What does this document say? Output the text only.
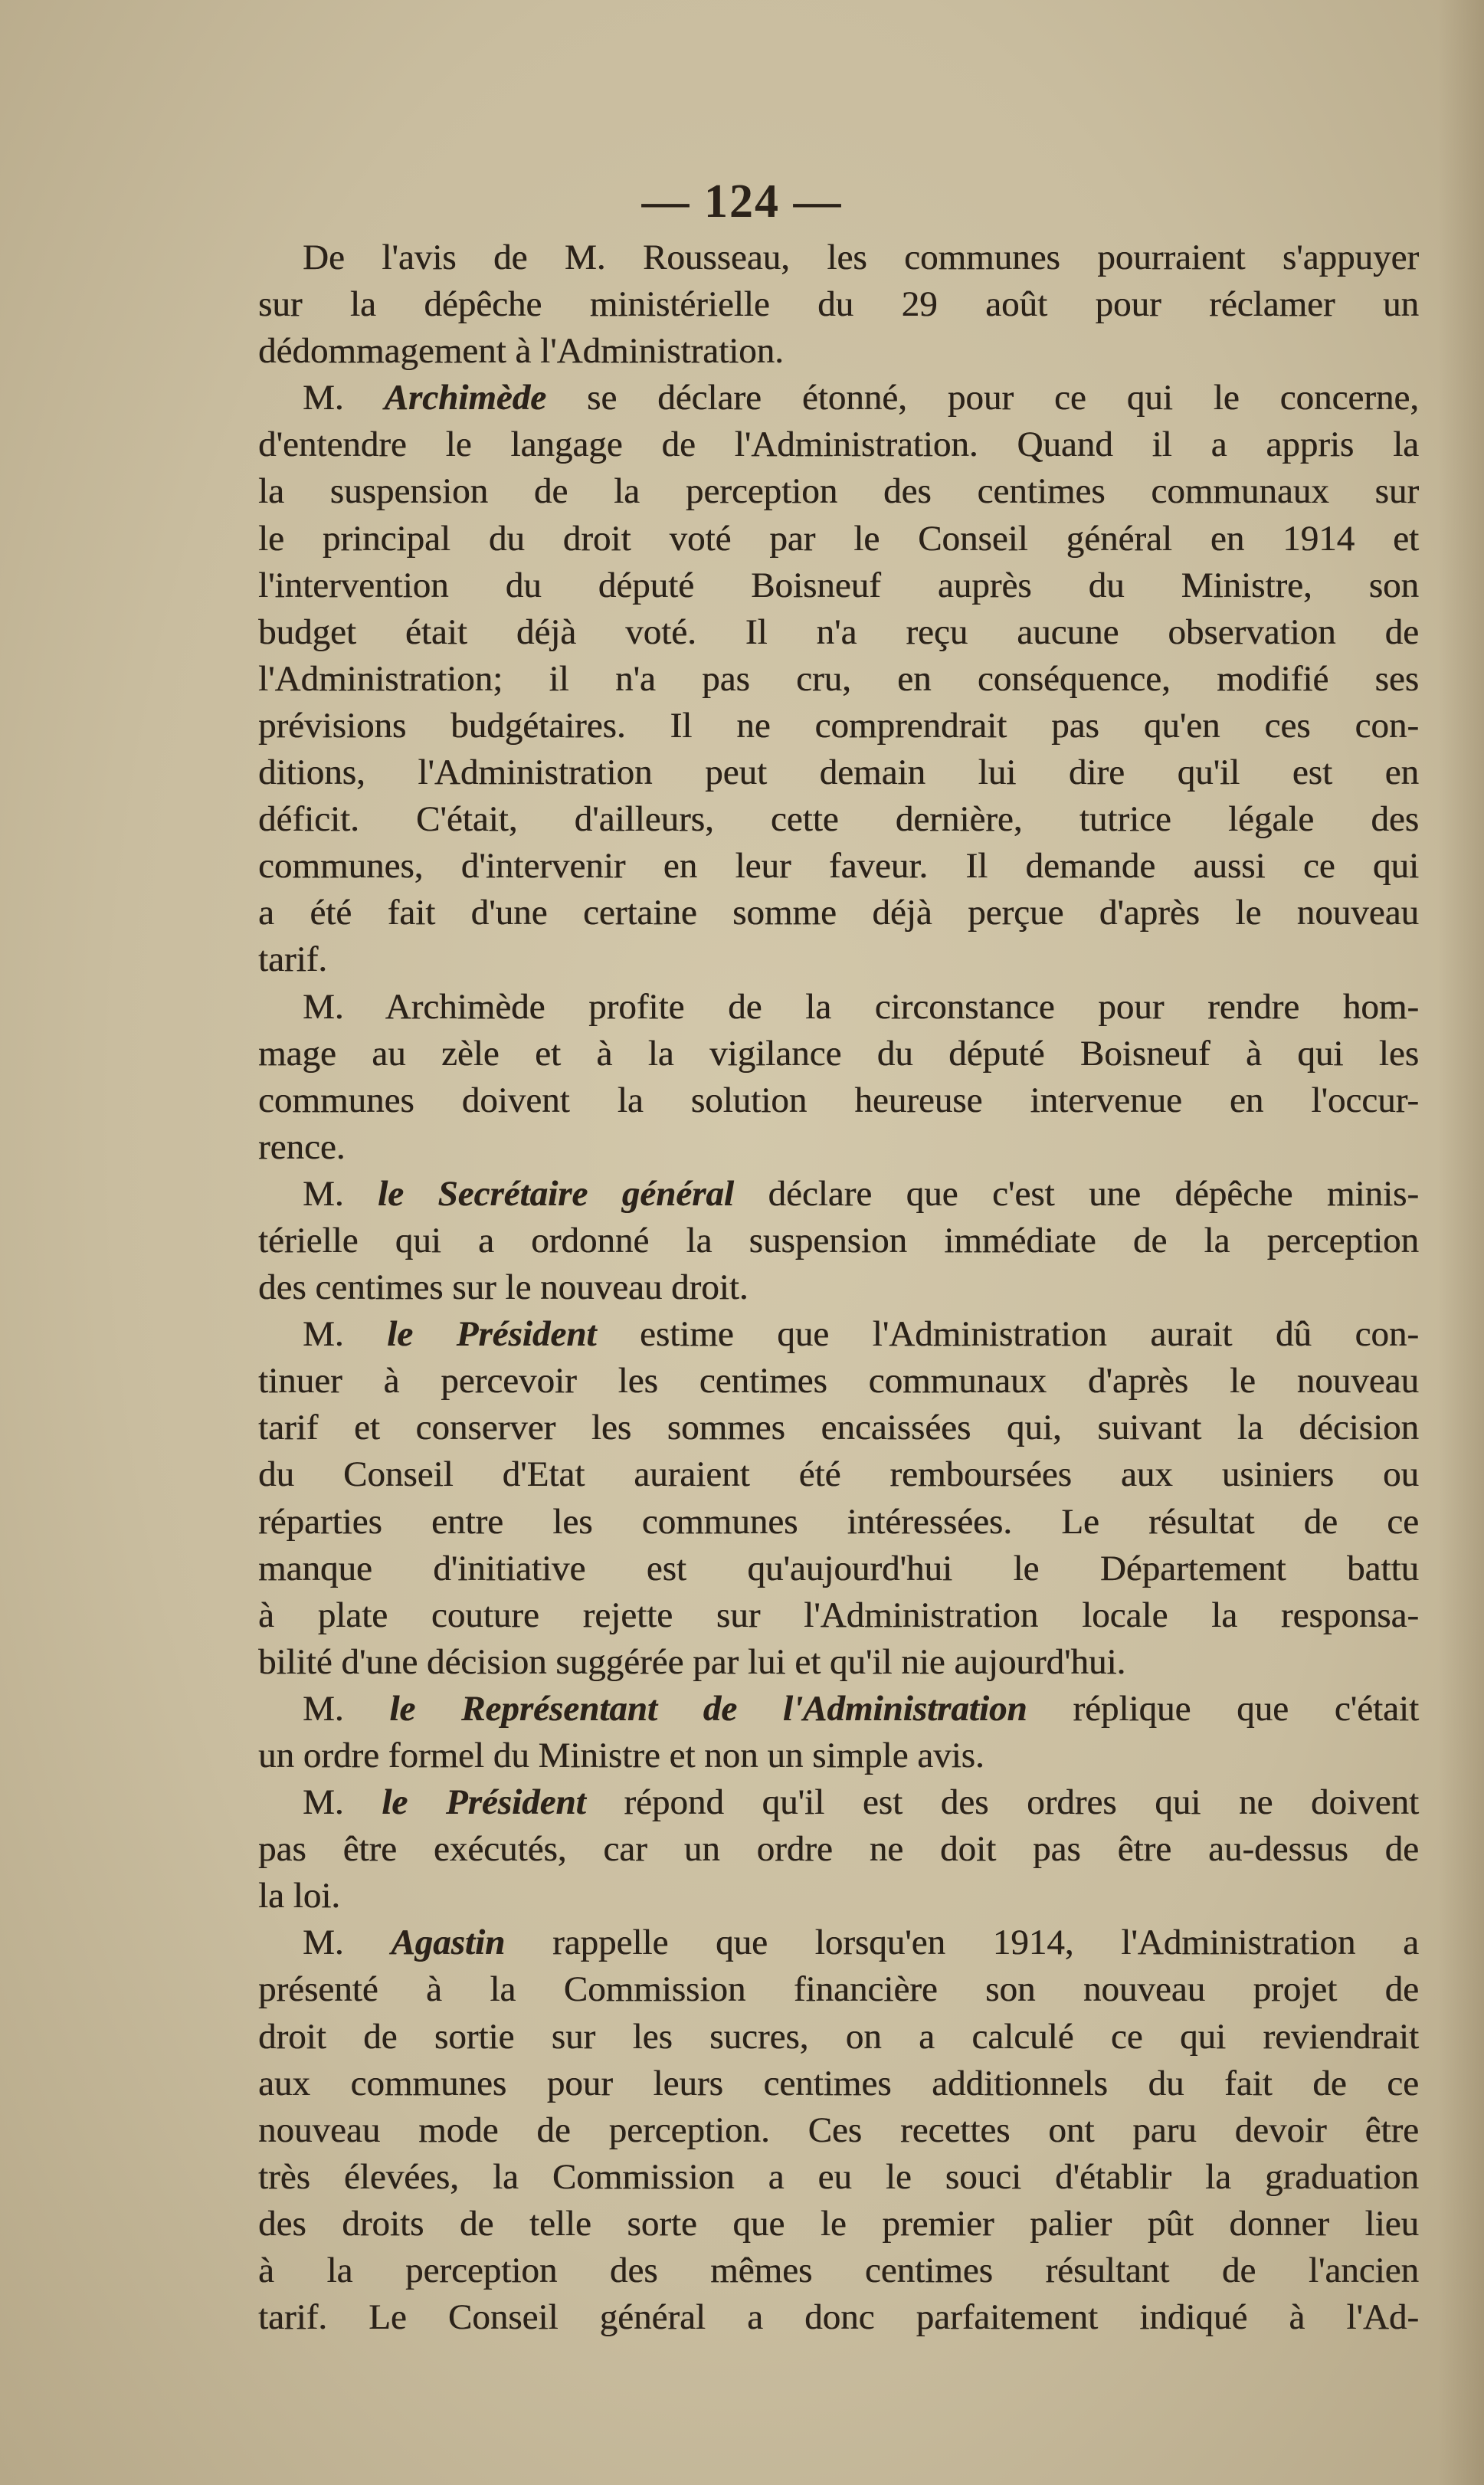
— 124 —
De l'avis de M. Rousseau, les communes pourraient s'appuyer
sur la dépêche ministérielle du 29 août pour réclamer un
dédommagement à l'Administration.
M. Archimède se déclare étonné, pour ce qui le concerne,
d'entendre le langage de l'Administration. Quand il a appris la
la suspension de la perception des centimes communaux sur
le principal du droit voté par le Conseil général en 1914 et
l'intervention du député Boisneuf auprès du Ministre, son
budget était déjà voté. Il n'a reçu aucune observation de
l'Administration; il n'a pas cru, en conséquence, modifié ses
prévisions budgétaires. Il ne comprendrait pas qu'en ces con-
ditions, l'Administration peut demain lui dire qu'il est en
déficit. C'était, d'ailleurs, cette dernière, tutrice légale des
communes, d'intervenir en leur faveur. Il demande aussi ce qui
a été fait d'une certaine somme déjà perçue d'après le nouveau
tarif.
M. Archimède profite de la circonstance pour rendre hom-
mage au zèle et à la vigilance du député Boisneuf à qui les
communes doivent la solution heureuse intervenue en l'occur-
rence.
M. le Secrétaire général déclare que c'est une dépêche minis-
térielle qui a ordonné la suspension immédiate de la perception
des centimes sur le nouveau droit.
M. le Président estime que l'Administration aurait dû con-
tinuer à percevoir les centimes communaux d'après le nouveau
tarif et conserver les sommes encaissées qui, suivant la décision
du Conseil d'Etat auraient été remboursées aux usiniers ou
réparties entre les communes intéressées. Le résultat de ce
manque d'initiative est qu'aujourd'hui le Département battu
à plate couture rejette sur l'Administration locale la responsa-
bilité d'une décision suggérée par lui et qu'il nie aujourd'hui.
M. le Représentant de l'Administration réplique que c'était
un ordre formel du Ministre et non un simple avis.
M. le Président répond qu'il est des ordres qui ne doivent
pas être exécutés, car un ordre ne doit pas être au-dessus de
la loi.
M. Agastin rappelle que lorsqu'en 1914, l'Administration a
présenté à la Commission financière son nouveau projet de
droit de sortie sur les sucres, on a calculé ce qui reviendrait
aux communes pour leurs centimes additionnels du fait de ce
nouveau mode de perception. Ces recettes ont paru devoir être
très élevées, la Commission a eu le souci d'établir la graduation
des droits de telle sorte que le premier palier pût donner lieu
à la perception des mêmes centimes résultant de l'ancien
tarif. Le Conseil général a donc parfaitement indiqué à l'Ad-
